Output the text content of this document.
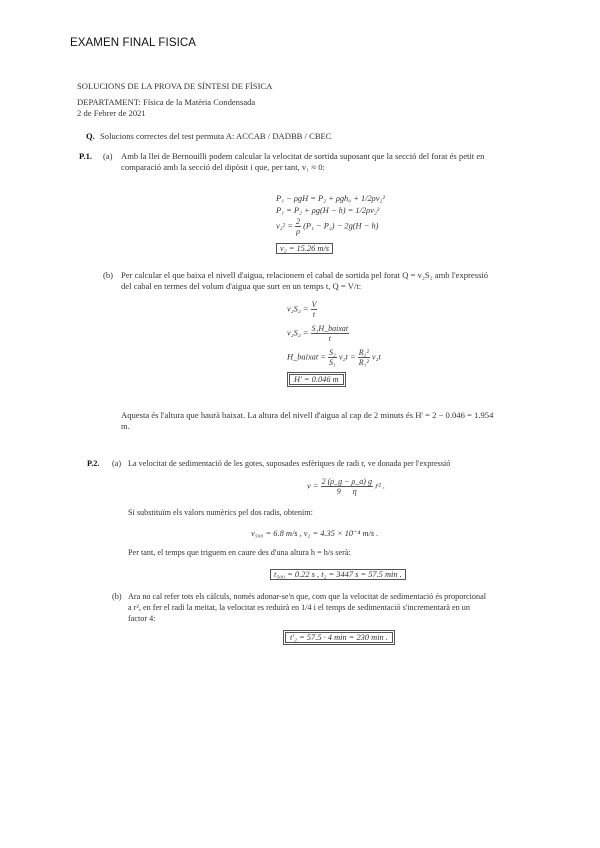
EXAMEN FINAL FISICA
SOLUCIONS DE LA PROVA DE SÍNTESI DE FÍSICA
DEPARTAMENT: Física de la Matèria Condensada
2 de Febrer de 2021
Q. Solucions correctes del test permuta A: ACCAB / DADBB / CBEC
P.1. (a) Amb la llei de Bernouilli podem calcular la velocitat de sortida suposant que la secció del forat és petit en
comparació amb la secció del dipòsit i que, per tant, v₁ ≈ 0:
P₁ − ρgH = P₂ + ρgh₀ + 1/2ρv₂²
P₁ = P₂ + ρg(H − h) = 1/2ρv₂²
$v_2^2 = \frac{2}{\rho} (P_1 - P_2) - 2g(H - h)$
v₂ = 15.26 m/s
(b) Per calcular el que baixa el nivell d'aigua, relacionem el cabal de sortida pel forat Q = v₂S₂ amb l'expressió
del cabal en termes del volum d'aigua que surt en un temps t, Q = V/t:
$v_2S_2 = \frac{V}{t}$
$v_2S_2 = \frac{\text{S₁H\_baixat}}{t}$
H_baixat = $\frac{\text{S₂}}{\text{S₁}} v_2t = \frac{\text{R₂²}}{\text{R₁²}} v_2t$
H' = 0.046 m
Aquesta és l'altura que haurà baixat. La altura del nivell d'aigua al cap de 2 minuts és H' = 2 − 0.046 = 1.954
m.
P.2. (a) La velocitat de sedimentació de les gotes, suposades esfèriques de radi r, ve donada per l'expressió
$v = \frac{2 (\rho\_g - \rho\_a) g}{9 \eta} r^2$ .
Si substituïm els valors numèrics pel dos radis, obtenim:
v₅₀₀ = 6.8 m/s , v₂ = 4.35 × 10⁻⁴ m/s .
Per tant, el temps que triguem en caure des d'una altura h = h/s serà:
t₅₀₀ = 0.22 s , t₂ = 3447 s = 57.5 min .
(b) Ara no cal refer tots els càlculs, només adonar-se'n que, com que la velocitat de sedimentació és proporcional
a r², en fer el radi la meitat, la velocitat es reduirà en 1/4 i el temps de sedimentació s'incrementarà en un
factor 4:
t'₂ = 57.5 · 4 min = 230 min .
